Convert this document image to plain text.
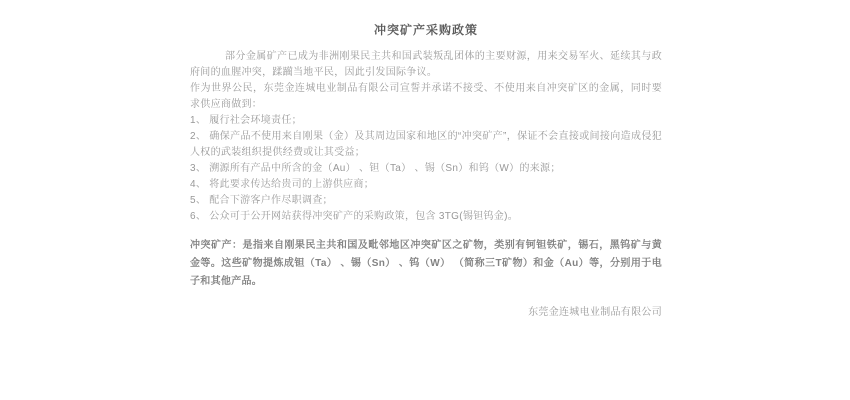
冲突矿产采购政策

部分金属矿产已成为非洲刚果民主共和国武装叛乱团体的主要财源，用来交易军火、延续其与政府间的血腥冲突，蹂躏当地平民，因此引发国际争议。

作为世界公民，东莞金连城电业制品有限公司宣誓并承诺不接受、不使用来自冲突矿区的金属，同时要求供应商做到：

1、 履行社会环境责任；

2、 确保产品不使用来自刚果（金）及其周边国家和地区的“冲突矿产”，保证不会直接或间接向造成侵犯人权的武装组织提供经费或让其受益；

3、 溯源所有产品中所含的金（Au） 、钽（Ta） 、锡（Sn）和钨（W）的来源；

4、 将此要求传达给贵司的上游供应商；

5、 配合下游客户作尽职调查；

6、 公众可于公开网站获得冲突矿产的采购政策，包含 3TG(锡钽钨金)。

冲突矿产：是指来自刚果民主共和国及毗邻地区冲突矿区之矿物，类别有钶钽铁矿，锡石，黑钨矿与黄金等。这些矿物提炼成钽（Ta） 、锡（Sn） 、钨（W） （简称三T矿物）和金（Au）等，分别用于电子和其他产品。

东莞金连城电业制品有限公司
